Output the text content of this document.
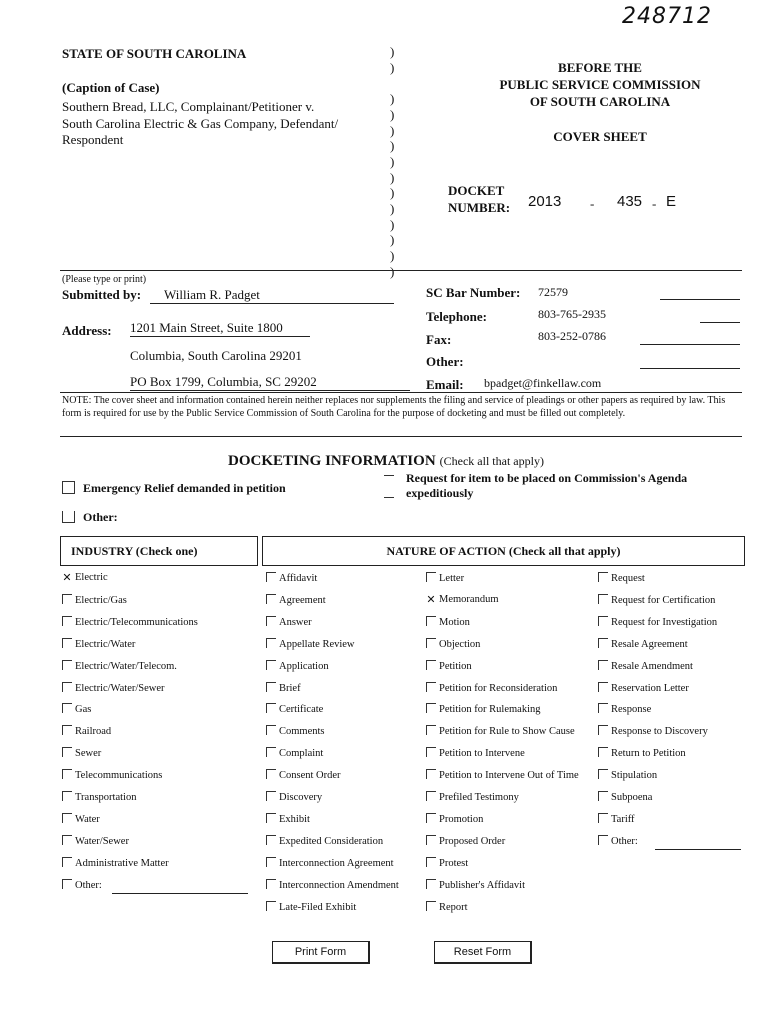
248712
STATE OF SOUTH CAROLINA
(Caption of Case)
Southern Bread, LLC, Complainant/Petitioner v.
South Carolina Electric & Gas Company, Defendant/
Respondent
)
)

)
)
)
)
)
)
)
)
)
)
)
)
BEFORE THE
PUBLIC SERVICE COMMISSION
OF SOUTH CAROLINA
COVER SHEET
DOCKET
NUMBER: 2013 - 435 - E
(Please type or print)
Submitted by:	William R. Padget
Address: 1201 Main Street, Suite 1800
Columbia, South Carolina 29201
PO Box 1799, Columbia, SC 29202
SC Bar Number: 72579
Telephone:	803-765-2935
Fax:	803-252-0786
Other:
Email: bpadget@finkellaw.com
NOTE: The cover sheet and information contained herein neither replaces nor supplements the filing and service of pleadings or other papers as required by law. This form is required for use by the Public Service Commission of South Carolina for the purpose of docketing and must be filled out completely.
DOCKETING INFORMATION (Check all that apply)
Emergency Relief demanded in petition
Request for item to be placed on Commission's Agenda
expeditiously
Other:
INDUSTRY (Check one)	NATURE OF ACTION (Check all that apply)
✕ Electric
Electric/Gas
Electric/Telecommunications
Electric/Water
Electric/Water/Telecom.
Electric/Water/Sewer
Gas
Railroad
Sewer
Telecommunications
Transportation
Water
Water/Sewer
Administrative Matter
Other:
Affidavit
Agreement
Answer
Appellate Review
Application
Brief
Certificate
Comments
Complaint
Consent Order
Discovery
Exhibit
Expedited Consideration
Interconnection Agreement
Interconnection Amendment
Late-Filed Exhibit
Letter
✕ Memorandum
Motion
Objection
Petition
Petition for Reconsideration
Petition for Rulemaking
Petition for Rule to Show Cause
Petition to Intervene
Petition to Intervene Out of Time
Prefiled Testimony
Promotion
Proposed Order
Protest
Publisher's Affidavit
Report
Request
Request for Certification
Request for Investigation
Resale Agreement
Resale Amendment
Reservation Letter
Response
Response to Discovery
Return to Petition
Stipulation
Subpoena
Tariff
Other:
Print Form	Reset Form
